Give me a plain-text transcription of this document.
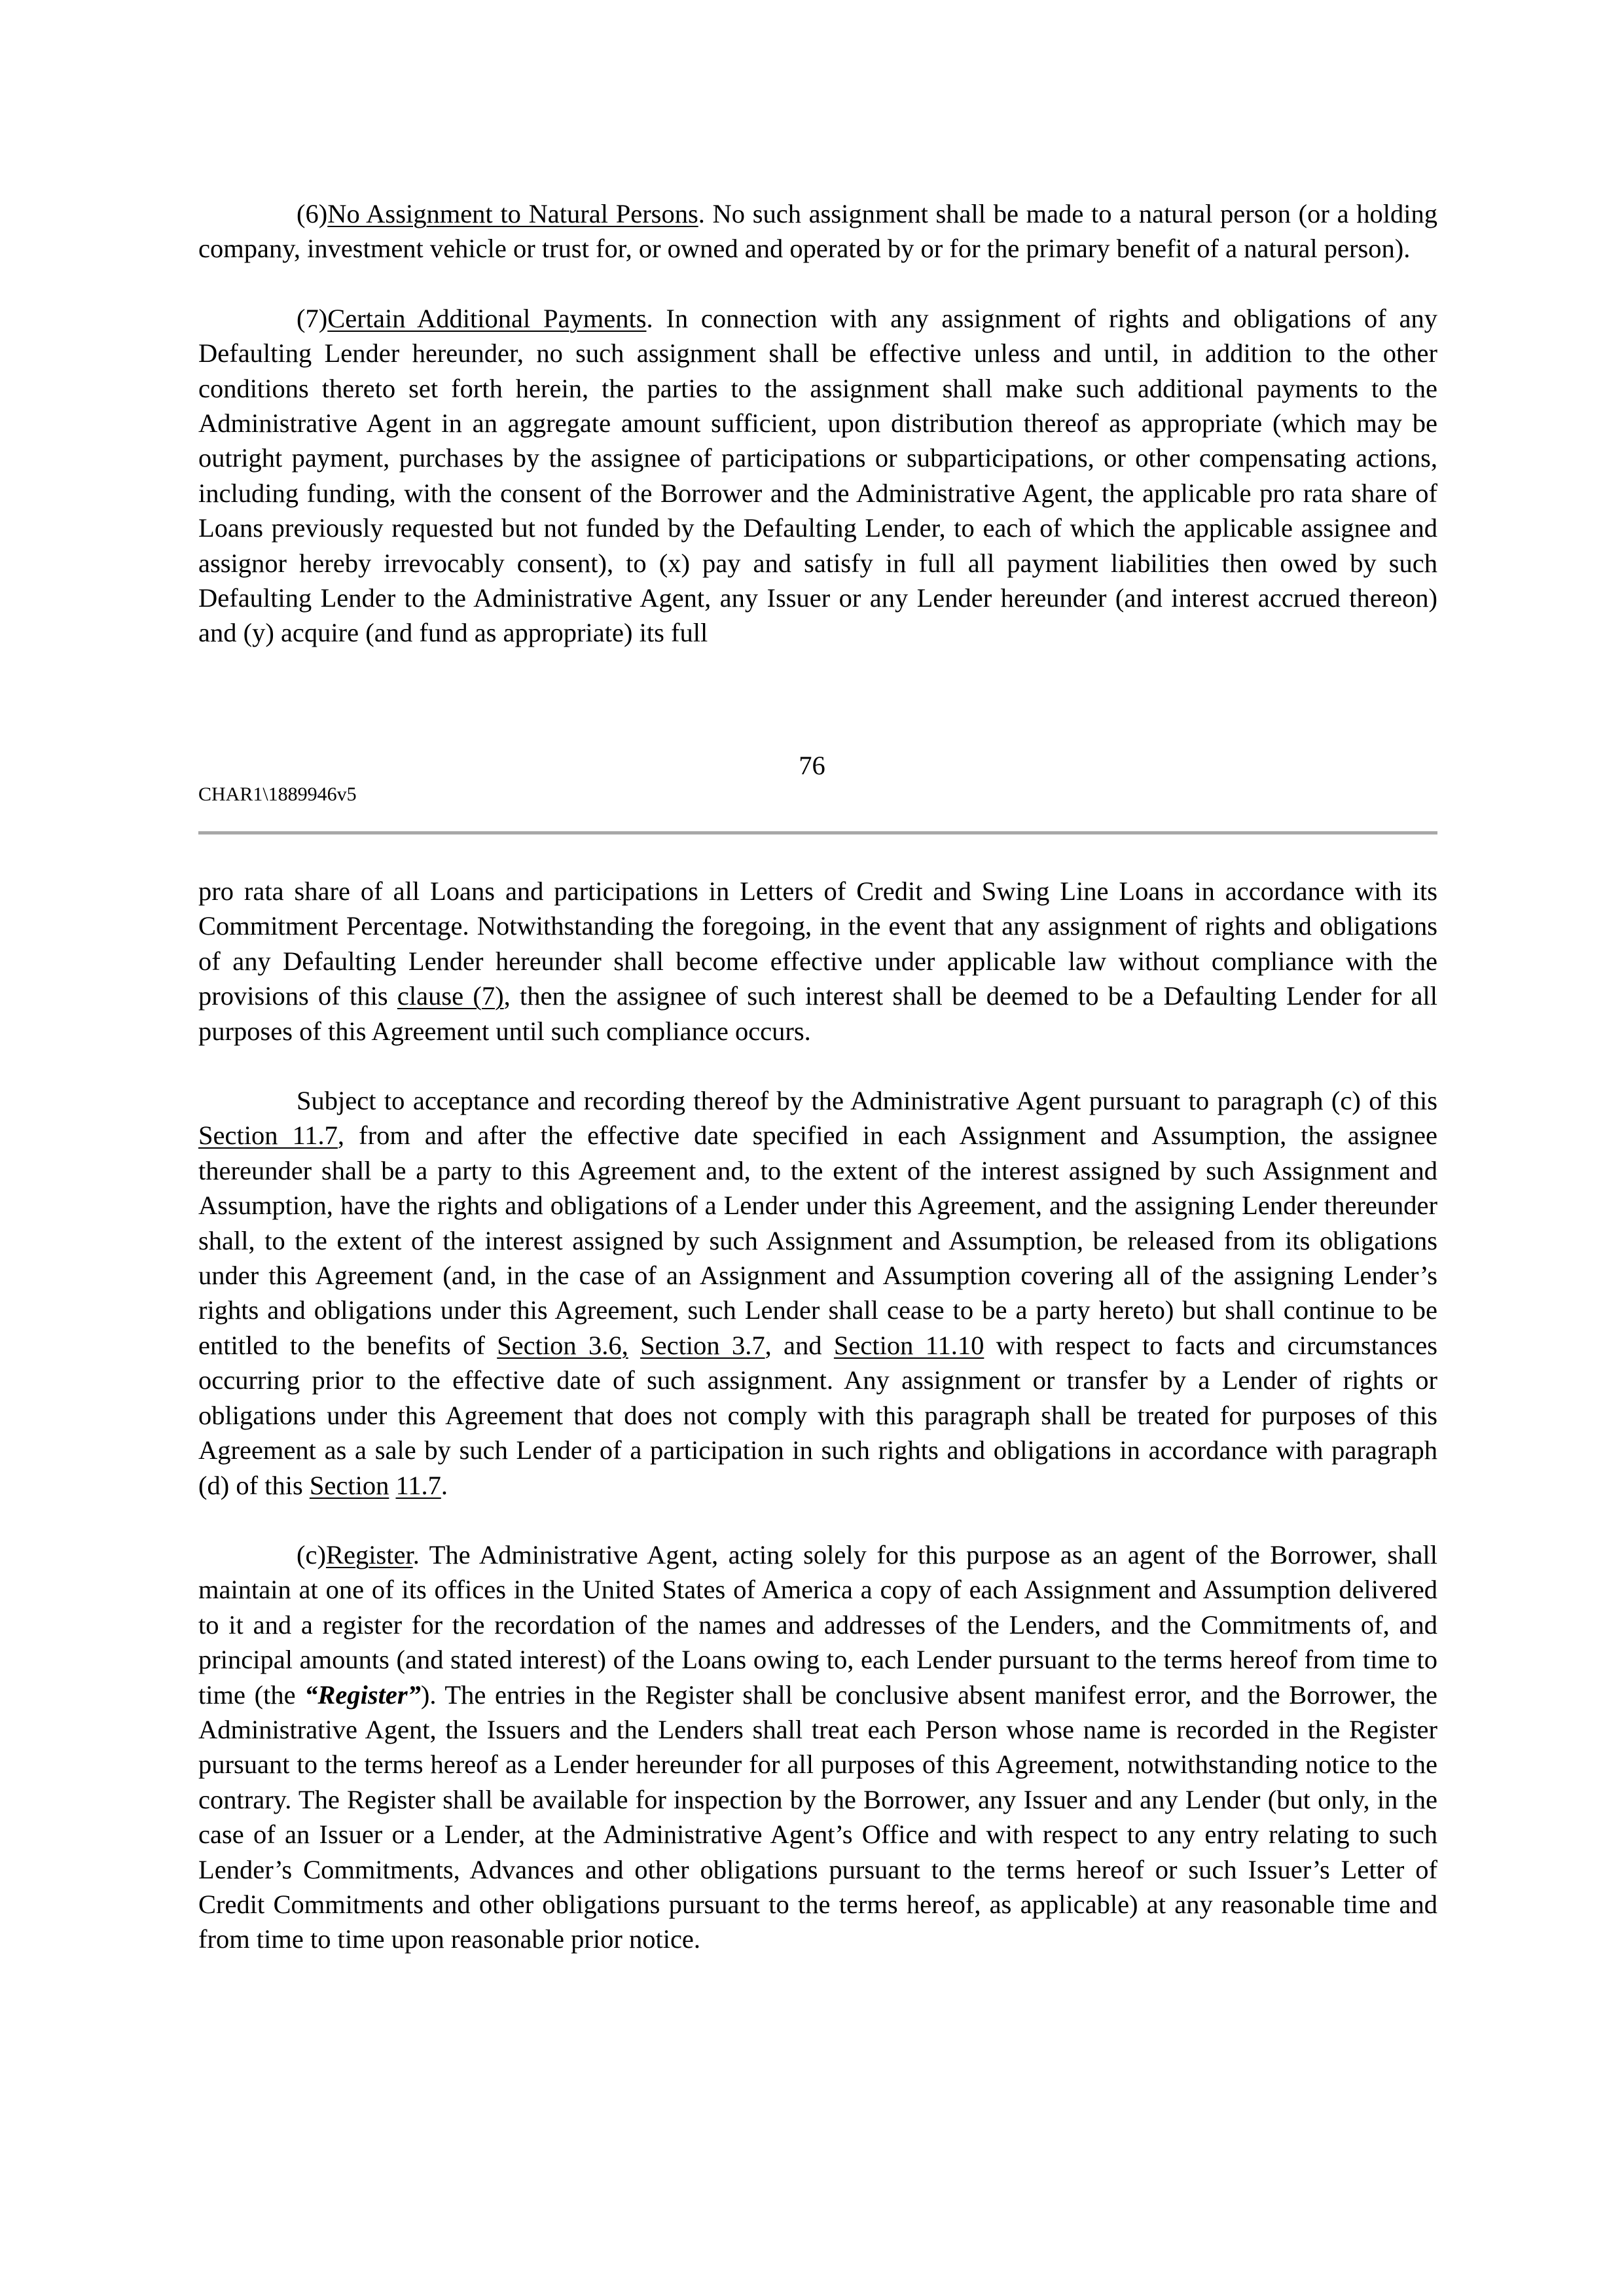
(6)No Assignment to Natural Persons. No such assignment shall be made to a natural person (or a holding company, investment vehicle or trust for, or owned and operated by or for the primary benefit of a natural person).

(7)Certain Additional Payments. In connection with any assignment of rights and obligations of any Defaulting Lender hereunder, no such assignment shall be effective unless and until, in addition to the other conditions thereto set forth herein, the parties to the assignment shall make such additional payments to the Administrative Agent in an aggregate amount sufficient, upon distribution thereof as appropriate (which may be outright payment, purchases by the assignee of participations or subparticipations, or other compensating actions, including funding, with the consent of the Borrower and the Administrative Agent, the applicable pro rata share of Loans previously requested but not funded by the Defaulting Lender, to each of which the applicable assignee and assignor hereby irrevocably consent), to (x) pay and satisfy in full all payment liabilities then owed by such Defaulting Lender to the Administrative Agent, any Issuer or any Lender hereunder (and interest accrued thereon) and (y) acquire (and fund as appropriate) its full

76
CHAR1\1889946v5

pro rata share of all Loans and participations in Letters of Credit and Swing Line Loans in accordance with its Commitment Percentage. Notwithstanding the foregoing, in the event that any assignment of rights and obligations of any Defaulting Lender hereunder shall become effective under applicable law without compliance with the provisions of this clause (7), then the assignee of such interest shall be deemed to be a Defaulting Lender for all purposes of this Agreement until such compliance occurs.

Subject to acceptance and recording thereof by the Administrative Agent pursuant to paragraph (c) of this Section 11.7, from and after the effective date specified in each Assignment and Assumption, the assignee thereunder shall be a party to this Agreement and, to the extent of the interest assigned by such Assignment and Assumption, have the rights and obligations of a Lender under this Agreement, and the assigning Lender thereunder shall, to the extent of the interest assigned by such Assignment and Assumption, be released from its obligations under this Agreement (and, in the case of an Assignment and Assumption covering all of the assigning Lender’s rights and obligations under this Agreement, such Lender shall cease to be a party hereto) but shall continue to be entitled to the benefits of Section 3.6, Section 3.7, and Section 11.10 with respect to facts and circumstances occurring prior to the effective date of such assignment. Any assignment or transfer by a Lender of rights or obligations under this Agreement that does not comply with this paragraph shall be treated for purposes of this Agreement as a sale by such Lender of a participation in such rights and obligations in accordance with paragraph (d) of this Section 11.7.

(c)Register. The Administrative Agent, acting solely for this purpose as an agent of the Borrower, shall maintain at one of its offices in the United States of America a copy of each Assignment and Assumption delivered to it and a register for the recordation of the names and addresses of the Lenders, and the Commitments of, and principal amounts (and stated interest) of the Loans owing to, each Lender pursuant to the terms hereof from time to time (the “Register”). The entries in the Register shall be conclusive absent manifest error, and the Borrower, the Administrative Agent, the Issuers and the Lenders shall treat each Person whose name is recorded in the Register pursuant to the terms hereof as a Lender hereunder for all purposes of this Agreement, notwithstanding notice to the contrary. The Register shall be available for inspection by the Borrower, any Issuer and any Lender (but only, in the case of an Issuer or a Lender, at the Administrative Agent’s Office and with respect to any entry relating to such Lender’s Commitments, Advances and other obligations pursuant to the terms hereof or such Issuer’s Letter of Credit Commitments and other obligations pursuant to the terms hereof, as applicable) at any reasonable time and from time to time upon reasonable prior notice.
